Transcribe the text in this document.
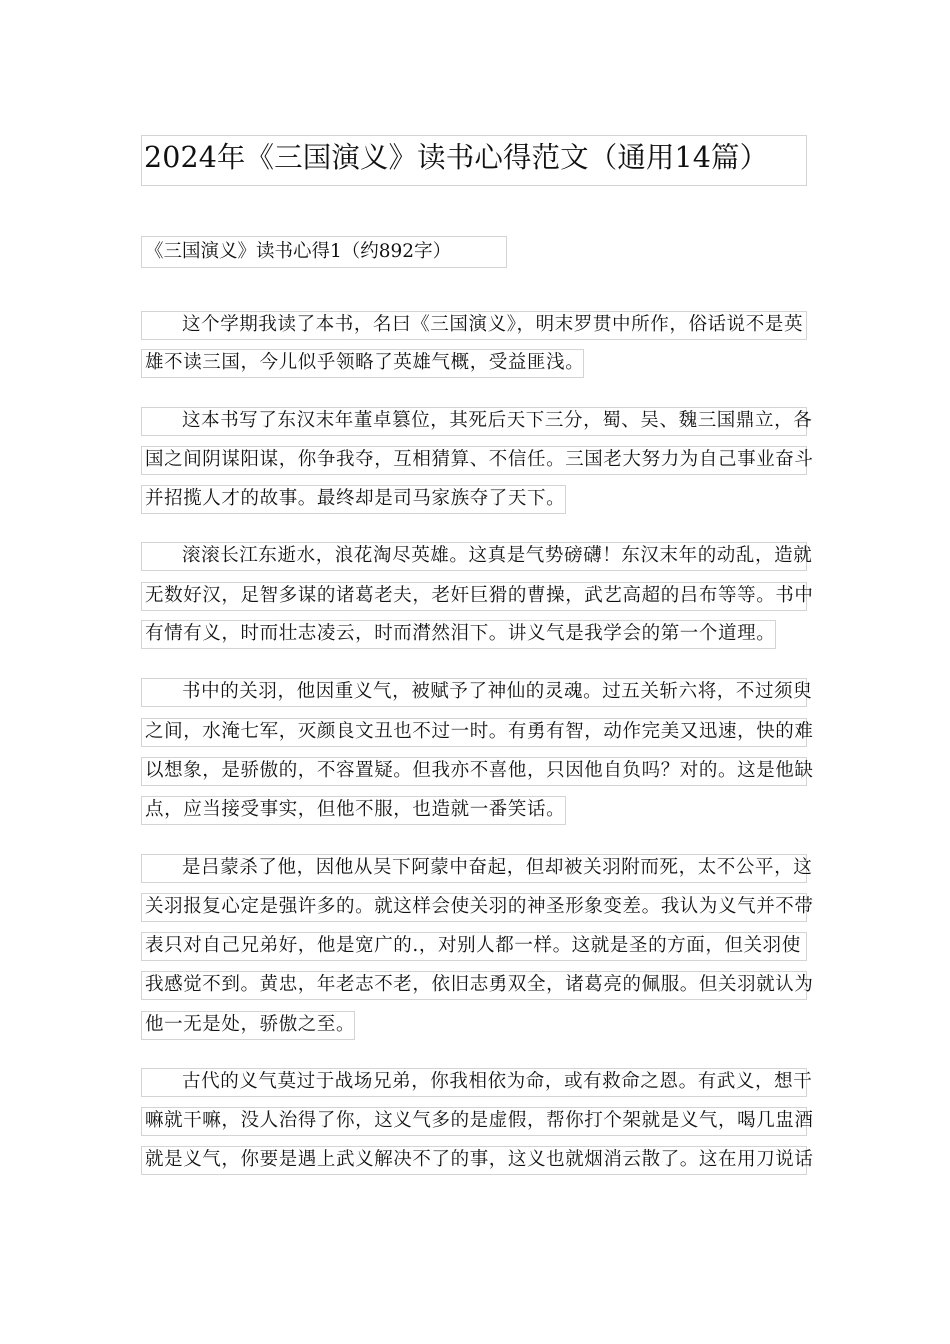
2024年《三国演义》读书心得范文（通用14篇）
《三国演义》读书心得1（约892字）
这个学期我读了本书，名曰《三国演义》，明末罗贯中所作，俗话说不是英
雄不读三国，今儿似乎领略了英雄气概，受益匪浅。
这本书写了东汉末年董卓篡位，其死后天下三分，蜀、吴、魏三国鼎立，各
国之间阴谋阳谋，你争我夺，互相猜算、不信任。三国老大努力为自己事业奋斗
并招揽人才的故事。最终却是司马家族夺了天下。
滚滚长江东逝水，浪花淘尽英雄。这真是气势磅礴！东汉末年的动乱，造就
无数好汉，足智多谋的诸葛老夫，老奸巨猾的曹操，武艺高超的吕布等等。书中
有情有义，时而壮志凌云，时而潸然泪下。讲义气是我学会的第一个道理。
书中的关羽，他因重义气，被赋予了神仙的灵魂。过五关斩六将，不过须臾
之间，水淹七军，灭颜良文丑也不过一时。有勇有智，动作完美又迅速，快的难
以想象，是骄傲的，不容置疑。但我亦不喜他，只因他自负吗？对的。这是他缺
点，应当接受事实，但他不服，也造就一番笑话。
是吕蒙杀了他，因他从吴下阿蒙中奋起，但却被关羽附而死，太不公平，这
关羽报复心定是强许多的。就这样会使关羽的神圣形象变差。我认为义气并不带
表只对自己兄弟好，他是宽广的.，对别人都一样。这就是圣的方面，但关羽使
我感觉不到。黄忠，年老志不老，依旧志勇双全，诸葛亮的佩服。但关羽就认为
他一无是处，骄傲之至。
古代的义气莫过于战场兄弟，你我相依为命，或有救命之恩。有武义，想干
嘛就干嘛，没人治得了你，这义气多的是虚假，帮你打个架就是义气，喝几盅酒
就是义气，你要是遇上武义解决不了的事，这义也就烟消云散了。这在用刀说话
